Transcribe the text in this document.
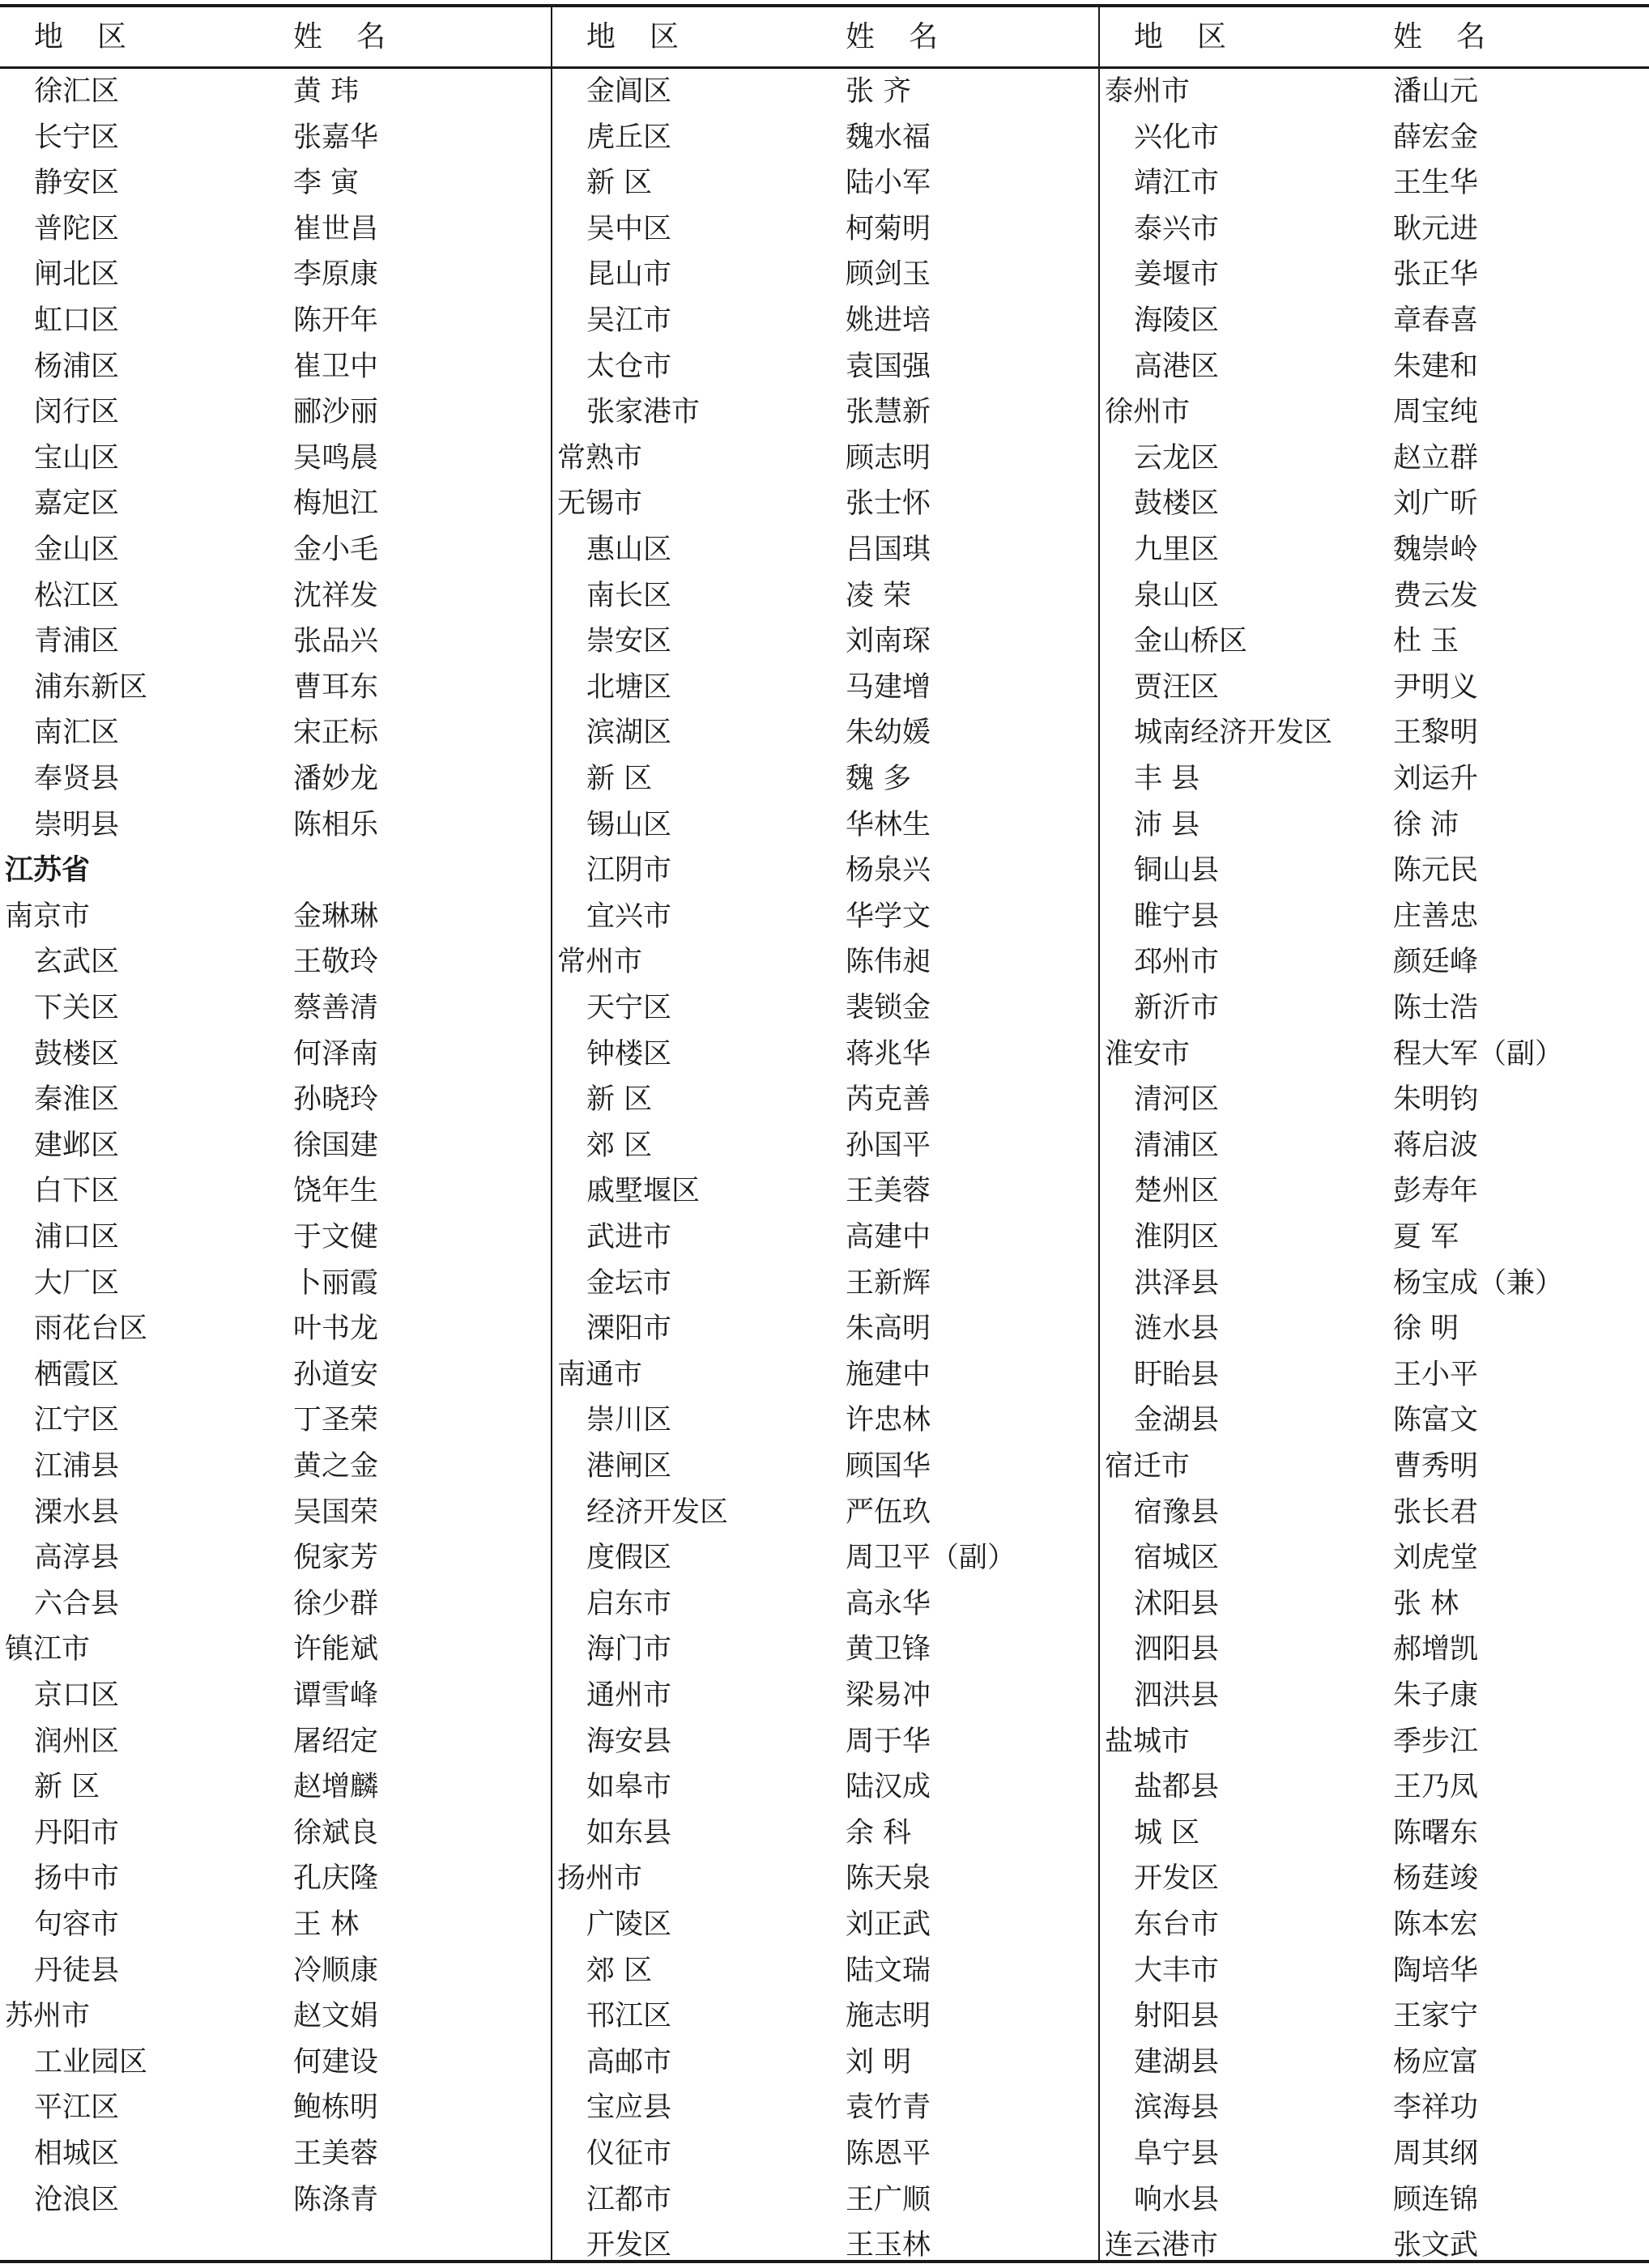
地区	姓名
徐汇区	黄 玮
长宁区	张嘉华
静安区	李 寅
普陀区	崔世昌
闸北区	李原康
虹口区	陈开年
杨浦区	崔卫中
闵行区	郦沙丽
宝山区	吴鸣晨
嘉定区	梅旭江
金山区	金小毛
松江区	沈祥发
青浦区	张品兴
浦东新区	曹耳东
南汇区	宋正标
奉贤县	潘妙龙
崇明县	陈相乐
江苏省
南京市	金琳琳
玄武区	王敬玲
下关区	蔡善清
鼓楼区	何泽南
秦淮区	孙晓玲
建邺区	徐国建
白下区	饶年生
浦口区	于文健
大厂区	卜丽霞
雨花台区	叶书龙
栖霞区	孙道安
江宁区	丁圣荣
江浦县	黄之金
溧水县	吴国荣
高淳县	倪家芳
六合县	徐少群
镇江市	许能斌
京口区	谭雪峰
润州区	屠绍定
新 区	赵增麟
丹阳市	徐斌良
扬中市	孔庆隆
句容市	王 林
丹徒县	冷顺康
苏州市	赵文娟
工业园区	何建设
平江区	鲍栋明
相城区	王美蓉
沧浪区	陈涤青
地区	姓名
金阊区	张 齐
虎丘区	魏水福
新 区	陆小军
吴中区	柯菊明
昆山市	顾剑玉
吴江市	姚进培
太仓市	袁国强
张家港市	张慧新
常熟市	顾志明
无锡市	张士怀
惠山区	吕国琪
南长区	凌 荣
崇安区	刘南琛
北塘区	马建增
滨湖区	朱幼媛
新 区	魏 多
锡山区	华林生
江阴市	杨泉兴
宜兴市	华学文
常州市	陈伟昶
天宁区	裴锁金
钟楼区	蒋兆华
新 区	芮克善
郊 区	孙国平
戚墅堰区	王美蓉
武进市	高建中
金坛市	王新辉
溧阳市	朱高明
南通市	施建中
崇川区	许忠林
港闸区	顾国华
经济开发区	严伍玖
度假区	周卫平（副）
启东市	高永华
海门市	黄卫锋
通州市	梁易冲
海安县	周于华
如皋市	陆汉成
如东县	余 科
扬州市	陈天泉
广陵区	刘正武
郊 区	陆文瑞
邗江区	施志明
高邮市	刘 明
宝应县	袁竹青
仪征市	陈恩平
江都市	王广顺
开发区	王玉林
地区	姓名
泰州市	潘山元
兴化市	薛宏金
靖江市	王生华
泰兴市	耿元进
姜堰市	张正华
海陵区	章春喜
高港区	朱建和
徐州市	周宝纯
云龙区	赵立群
鼓楼区	刘广昕
九里区	魏崇岭
泉山区	费云发
金山桥区	杜 玉
贾汪区	尹明义
城南经济开发区 王黎明
丰 县	刘运升
沛 县	徐 沛
铜山县	陈元民
睢宁县	庄善忠
邳州市	颜廷峰
新沂市	陈士浩
淮安市	程大军（副）
清河区	朱明钧
清浦区	蒋启波
楚州区	彭寿年
淮阴区	夏 军
洪泽县	杨宝成（兼）
涟水县	徐 明
盱眙县	王小平
金湖县	陈富文
宿迁市	曹秀明
宿豫县	张长君
宿城区	刘虎堂
沭阳县	张 林
泗阳县	郝增凯
泗洪县	朱子康
盐城市	季步江
盐都县	王乃凤
城 区	陈曙东
开发区	杨莛竣
东台市	陈本宏
大丰市	陶培华
射阳县	王家宁
建湖县	杨应富
滨海县	李祥功
阜宁县	周其纲
响水县	顾连锦
连云港市	张文武
